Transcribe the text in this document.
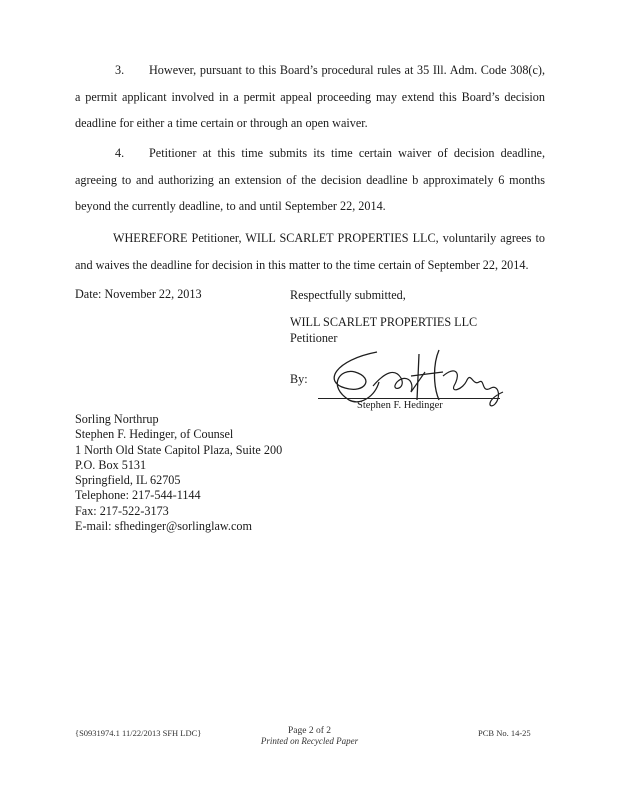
3. However, pursuant to this Board’s procedural rules at 35 Ill. Adm. Code 308(c), a permit applicant involved in a permit appeal proceeding may extend this Board’s decision deadline for either a time certain or through an open waiver.

4. Petitioner at this time submits its time certain waiver of decision deadline, agreeing to and authorizing an extension of the decision deadline b approximately 6 months beyond the currently deadline, to and until September 22, 2014.

WHEREFORE Petitioner, WILL SCARLET PROPERTIES LLC, voluntarily agrees to and waives the deadline for decision in this matter to the time certain of September 22, 2014.

Date: November 22, 2013	Respectfully submitted,
WILL SCARLET PROPERTIES LLC
Petitioner
By:
Stephen F. Hedinger
Sorling Northrup
Stephen F. Hedinger, of Counsel
1 North Old State Capitol Plaza, Suite 200
P.O. Box 5131
Springfield, IL 62705
Telephone: 217-544-1144
Fax: 217-522-3173
E-mail: sfhedinger@sorlinglaw.com
{S0931974.1 11/22/2013 SFH LDC}	Page 2 of 2
Printed on Recycled Paper
PCB No. 14-25
